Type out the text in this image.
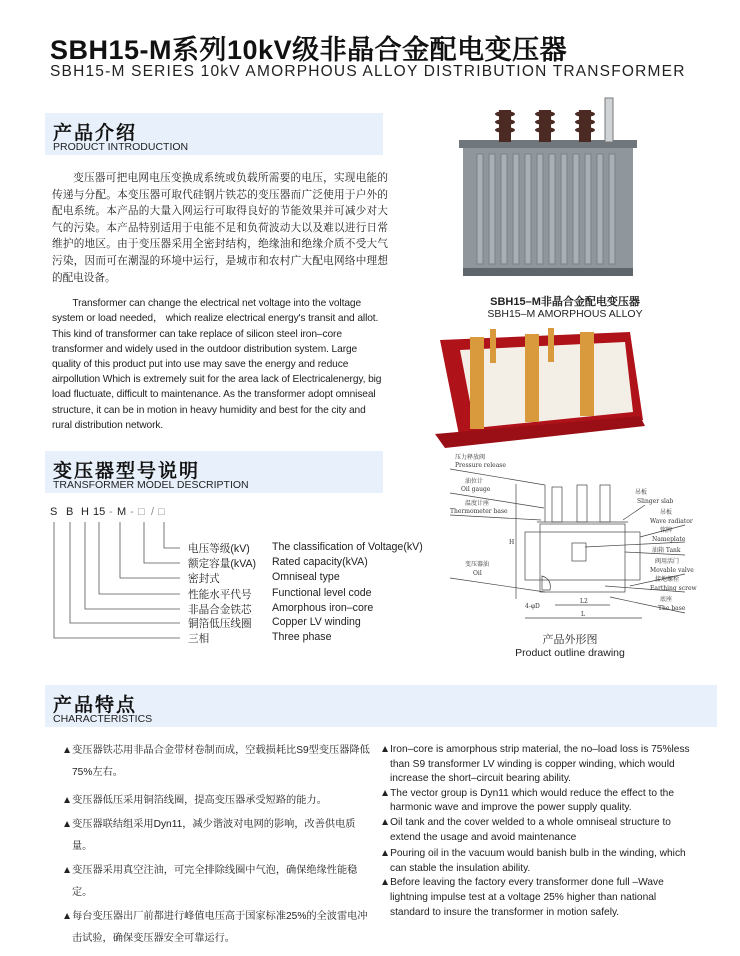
SBH15-M系列10kV级非晶合金配电变压器
SBH15-M SERIES 10kV AMORPHOUS ALLOY DISTRIBUTION TRANSFORMER
产品介绍
PRODUCT INTRODUCTION
变压器可把电网电压变换成系统或负载所需要的电压，实现电能的传递与分配。本变压器可取代硅钢片铁芯的变压器而广泛使用于户外的配电系统。本产品的大量入网运行可取得良好的节能效果并可减少对大气的污染。本产品特别适用于电能不足和负荷波动大以及难以进行日常维护的地区。由于变压器采用全密封结构，绝缘油和绝缘介质不受大气污染，因而可在潮湿的环境中运行，是城市和农村广大配电网络中理想的配电设备。
Transformer can change the electrical net voltage into the voltage system or load needed， which realize electrical energy's transit and allot. This kind of transformer can take replace of silicon steel iron–core transformer and widely used in the outdoor distribution system. Large quality of this product put into use may save the energy and reduce airpollution Which is extremely suit for the area lack of Electricalenergy, big load fluctuate, difficult to maintenance. As the transformer adopt omniseal structure, it can be in motion in heavy humidity and best for the city and rural distribution network.
变压器型号说明
TRANSFORMER MODEL DESCRIPTION
S B H 15 - M - □ / □
电压等级(kV) The classification of Voltage(kV)
额定容量(kVA) Rated capacity(kVA)
密封式	Omniseal type
性能水平代号 Functional level code
非晶合金铁芯 Amorphous iron–core
铜箔低压线圈 Copper LV winding
三相	Three phase
SBH15–M非晶合金配电变压器
SBH15–M AMORPHOUS ALLOY
压力释放阀
Pressure release
油位计
Oil gauge
温度计座
Thermometer base
变压器油
Oil
吊板
Slinger slab
吊板
Wave radiator
铭牌
Nameplate
油箱 Tank
阀用活门
Movable valve
接地螺栓
Earthing screw
底座
The base
H
L2
L
4-φD
产品外形图
Product outline drawing
产品特点
CHARACTERISTICS
▲变压器铁芯用非晶合金带材卷制而成，空载损耗比S9型变压器降低75%左右。
▲变压器低压采用铜箔线圈，提高变压器承受短路的能力。
▲变压器联结组采用Dyn11，减少谐波对电网的影响，改善供电质量。
▲变压器采用真空注油，可完全排除线圈中气泡，确保绝缘性能稳定。
▲每台变压器出厂前都进行峰值电压高于国家标准25%的全波雷电冲击试验，确保变压器安全可靠运行。
▲Iron–core is amorphous strip material, the no–load loss is 75%less than S9 transformer LV winding is copper winding, which would increase the short–circuit bearing ability.
▲The vector group is Dyn11 which would reduce the effect to the harmonic wave and improve the power supply quality.
▲Oil tank and the cover welded to a whole omniseal structure to extend the usage and avoid maintenance
▲Pouring oil in the vacuum would banish bulb in the winding, which can stable the insulation ability.
▲Before leaving the factory every transformer done full –Wave lightning impulse test at a voltage 25% higher than national standard to insure the transformer in motion safely.
